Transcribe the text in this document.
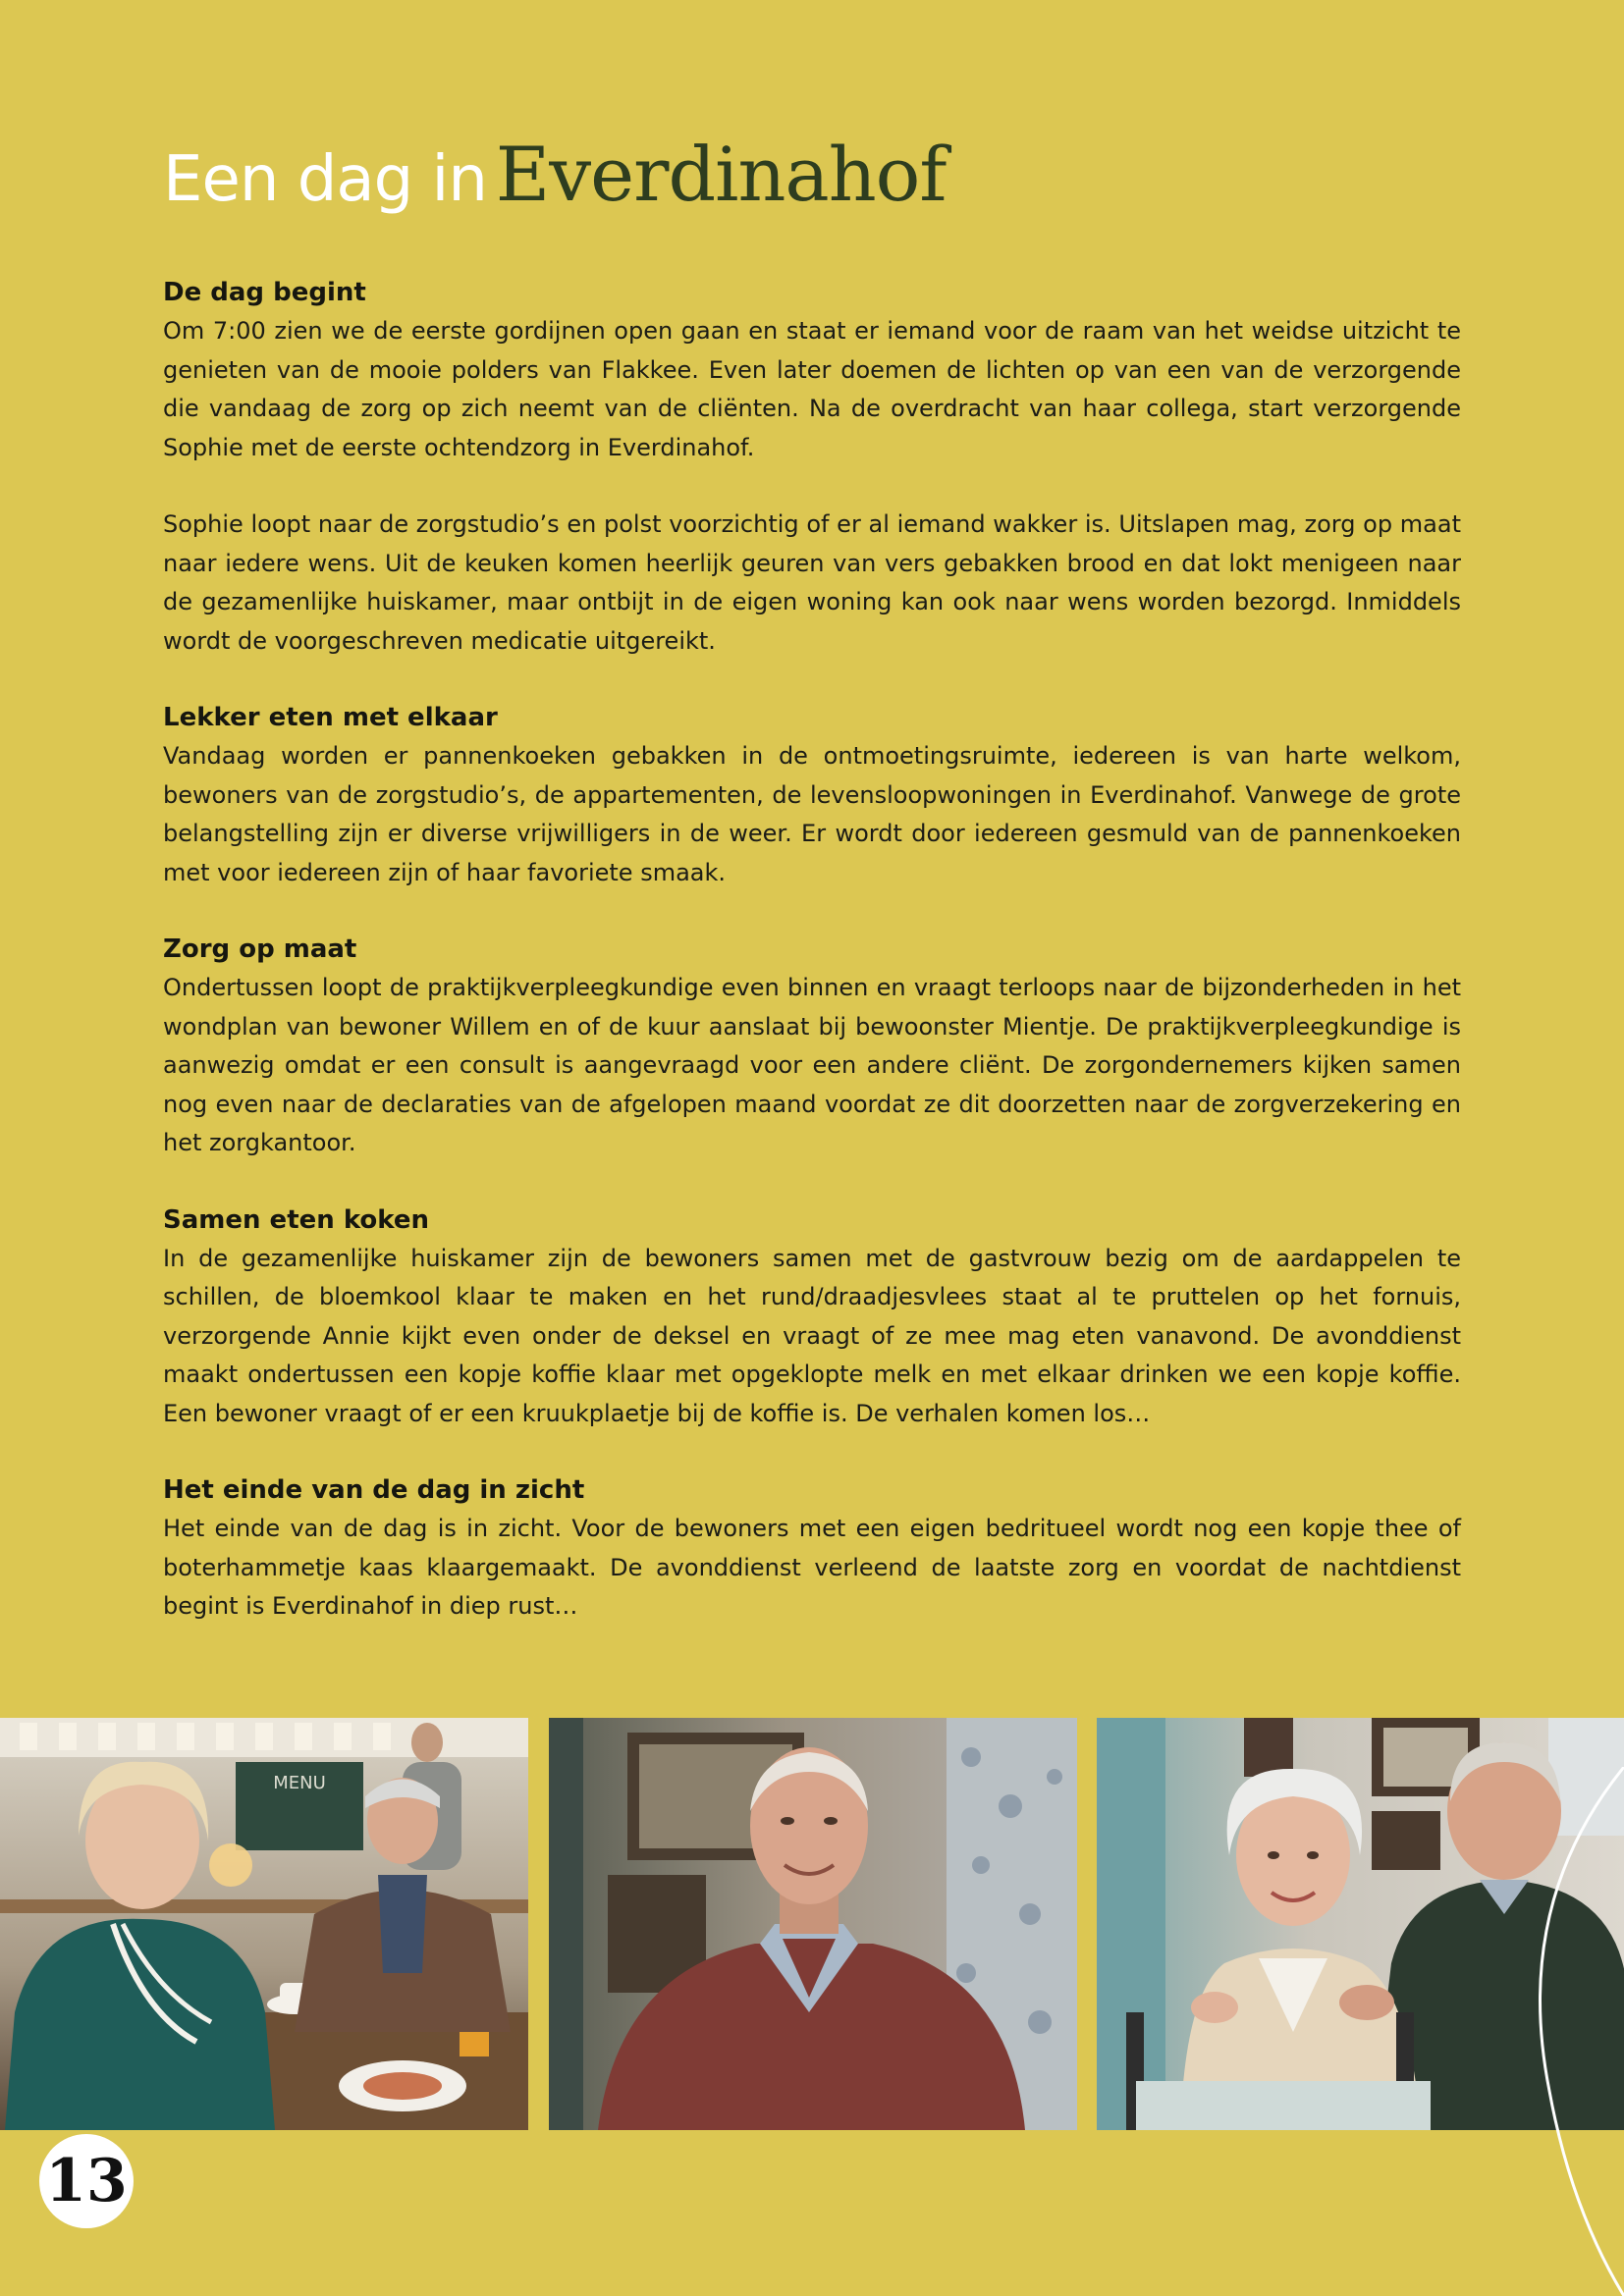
Een dag in Everdinahof
De dag begint

Om 7:00 zien we de eerste gordijnen open gaan en staat er iemand voor de raam van het weidse uitzicht te genieten van de mooie polders van Flakkee. Even later doemen de lichten op van een van de verzorgende die vandaag de zorg op zich neemt van de cliënten. Na de overdracht van haar collega, start verzorgende Sophie met de eerste ochtendzorg in Everdinahof.

Sophie loopt naar de zorgstudio’s en polst voorzichtig of er al iemand wakker is. Uitslapen mag, zorg op maat naar iedere wens. Uit de keuken komen heerlijk geuren van vers gebakken brood en dat lokt menigeen naar de gezamenlijke huiskamer, maar ontbijt in de eigen woning kan ook naar wens worden bezorgd. Inmiddels wordt de voorgeschreven medicatie uitgereikt.

Lekker eten met elkaar

Vandaag worden er pannenkoeken gebakken in de ontmoetingsruimte, iedereen is van harte welkom, bewoners van de zorgstudio’s, de appartementen, de levensloopwoningen in Everdinahof. Vanwege de grote belangstelling zijn er diverse vrijwilligers in de weer. Er wordt door iedereen gesmuld van de pannenkoeken met voor iedereen zijn of haar favoriete smaak.

Zorg op maat

Ondertussen loopt de praktijkverpleegkundige even binnen en vraagt terloops naar de bijzonderheden in het wondplan van bewoner Willem en of de kuur aanslaat bij bewoonster Mientje. De praktijkverpleegkundige is aanwezig omdat er een consult is aangevraagd voor een andere cliënt. De zorgondernemers kijken samen nog even naar de declaraties van de afgelopen maand voordat ze dit doorzetten naar de zorgverzekering en het zorgkantoor.

Samen eten koken

In de gezamenlijke huiskamer zijn de bewoners samen met de gastvrouw bezig om de aardappelen te schillen, de bloemkool klaar te maken en het rund/draadjesvlees staat al te pruttelen op het fornuis, verzorgende Annie kijkt even onder de deksel en vraagt of ze mee mag eten vanavond. De avonddienst maakt ondertussen een kopje koffie klaar met opgeklopte melk en met elkaar drinken we een kopje koffie. Een bewoner vraagt of er een kruukplaetje bij de koffie is. De verhalen komen los…

Het einde van de dag in zicht

Het einde van de dag is in zicht. Voor de bewoners met een eigen bedritueel wordt nog een kopje thee of boterhammetje kaas klaargemaakt. De avonddienst verleend de laatste zorg en voordat de nachtdienst begint is Everdinahof in diep rust…

MENU
13
